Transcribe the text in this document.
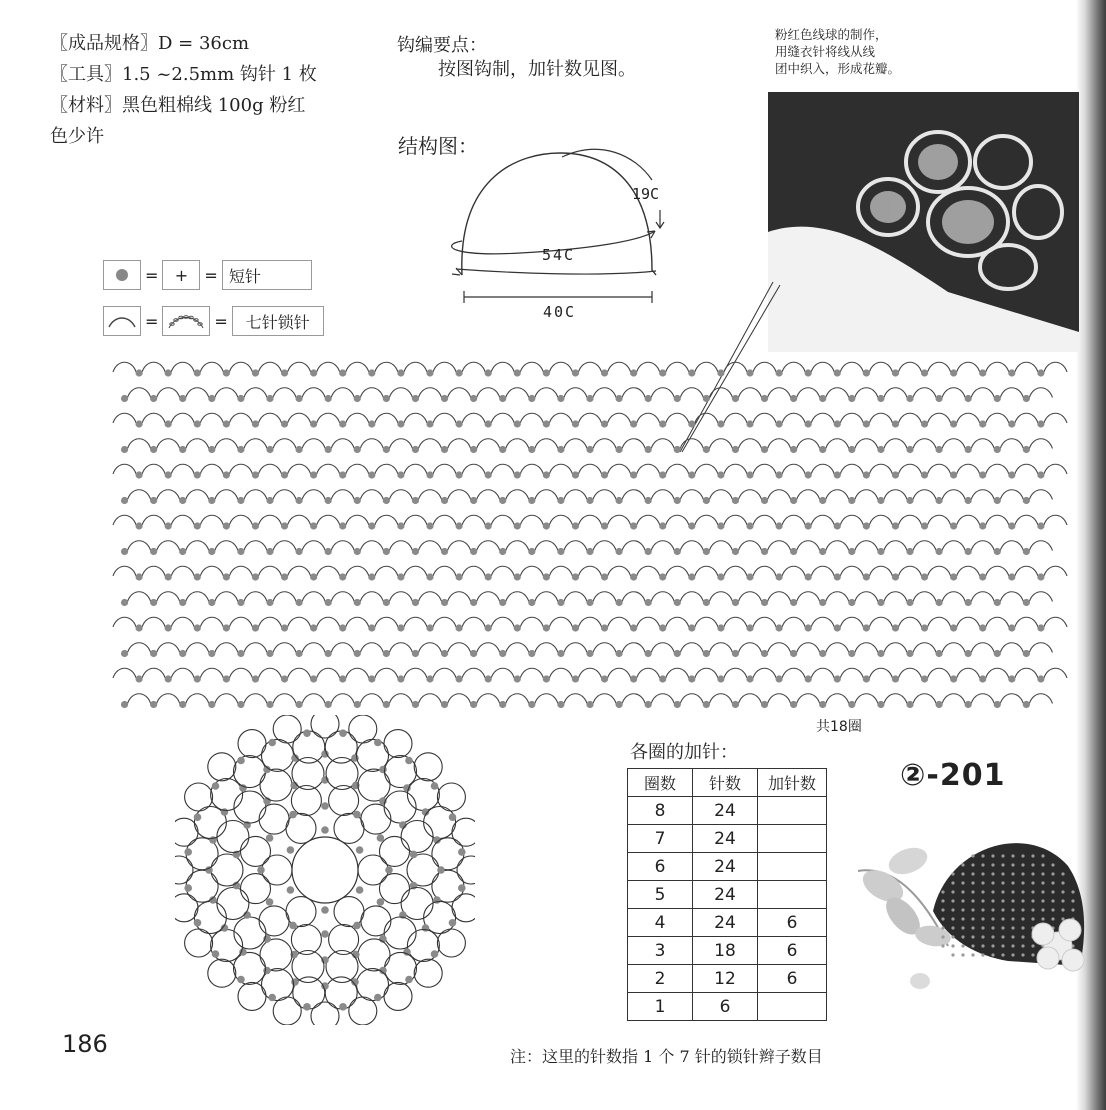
〖成品规格〗D = 36cm
〖工具〗1.5 ~2.5mm 钩针 1 枚
〖材料〗黑色粗棉线 100g 粉红
色少许
钩编要点：
按图钩制，加针数见图。
结构图：
19C
54C
40C
粉红色线球的制作，
用缝衣针将线从线
团中织入，形成花瓣。
=	+	= 短针
=	=	七针锁针
共18圈
各圈的加针：
圈数	针数	加针数
8	24	
7	24	
6	24	
5	24	
4	24	6
3	18	6
2	12	6
1	6	
注：这里的针数指 1 个 7 针的锁针辫子数目
②-201
186
